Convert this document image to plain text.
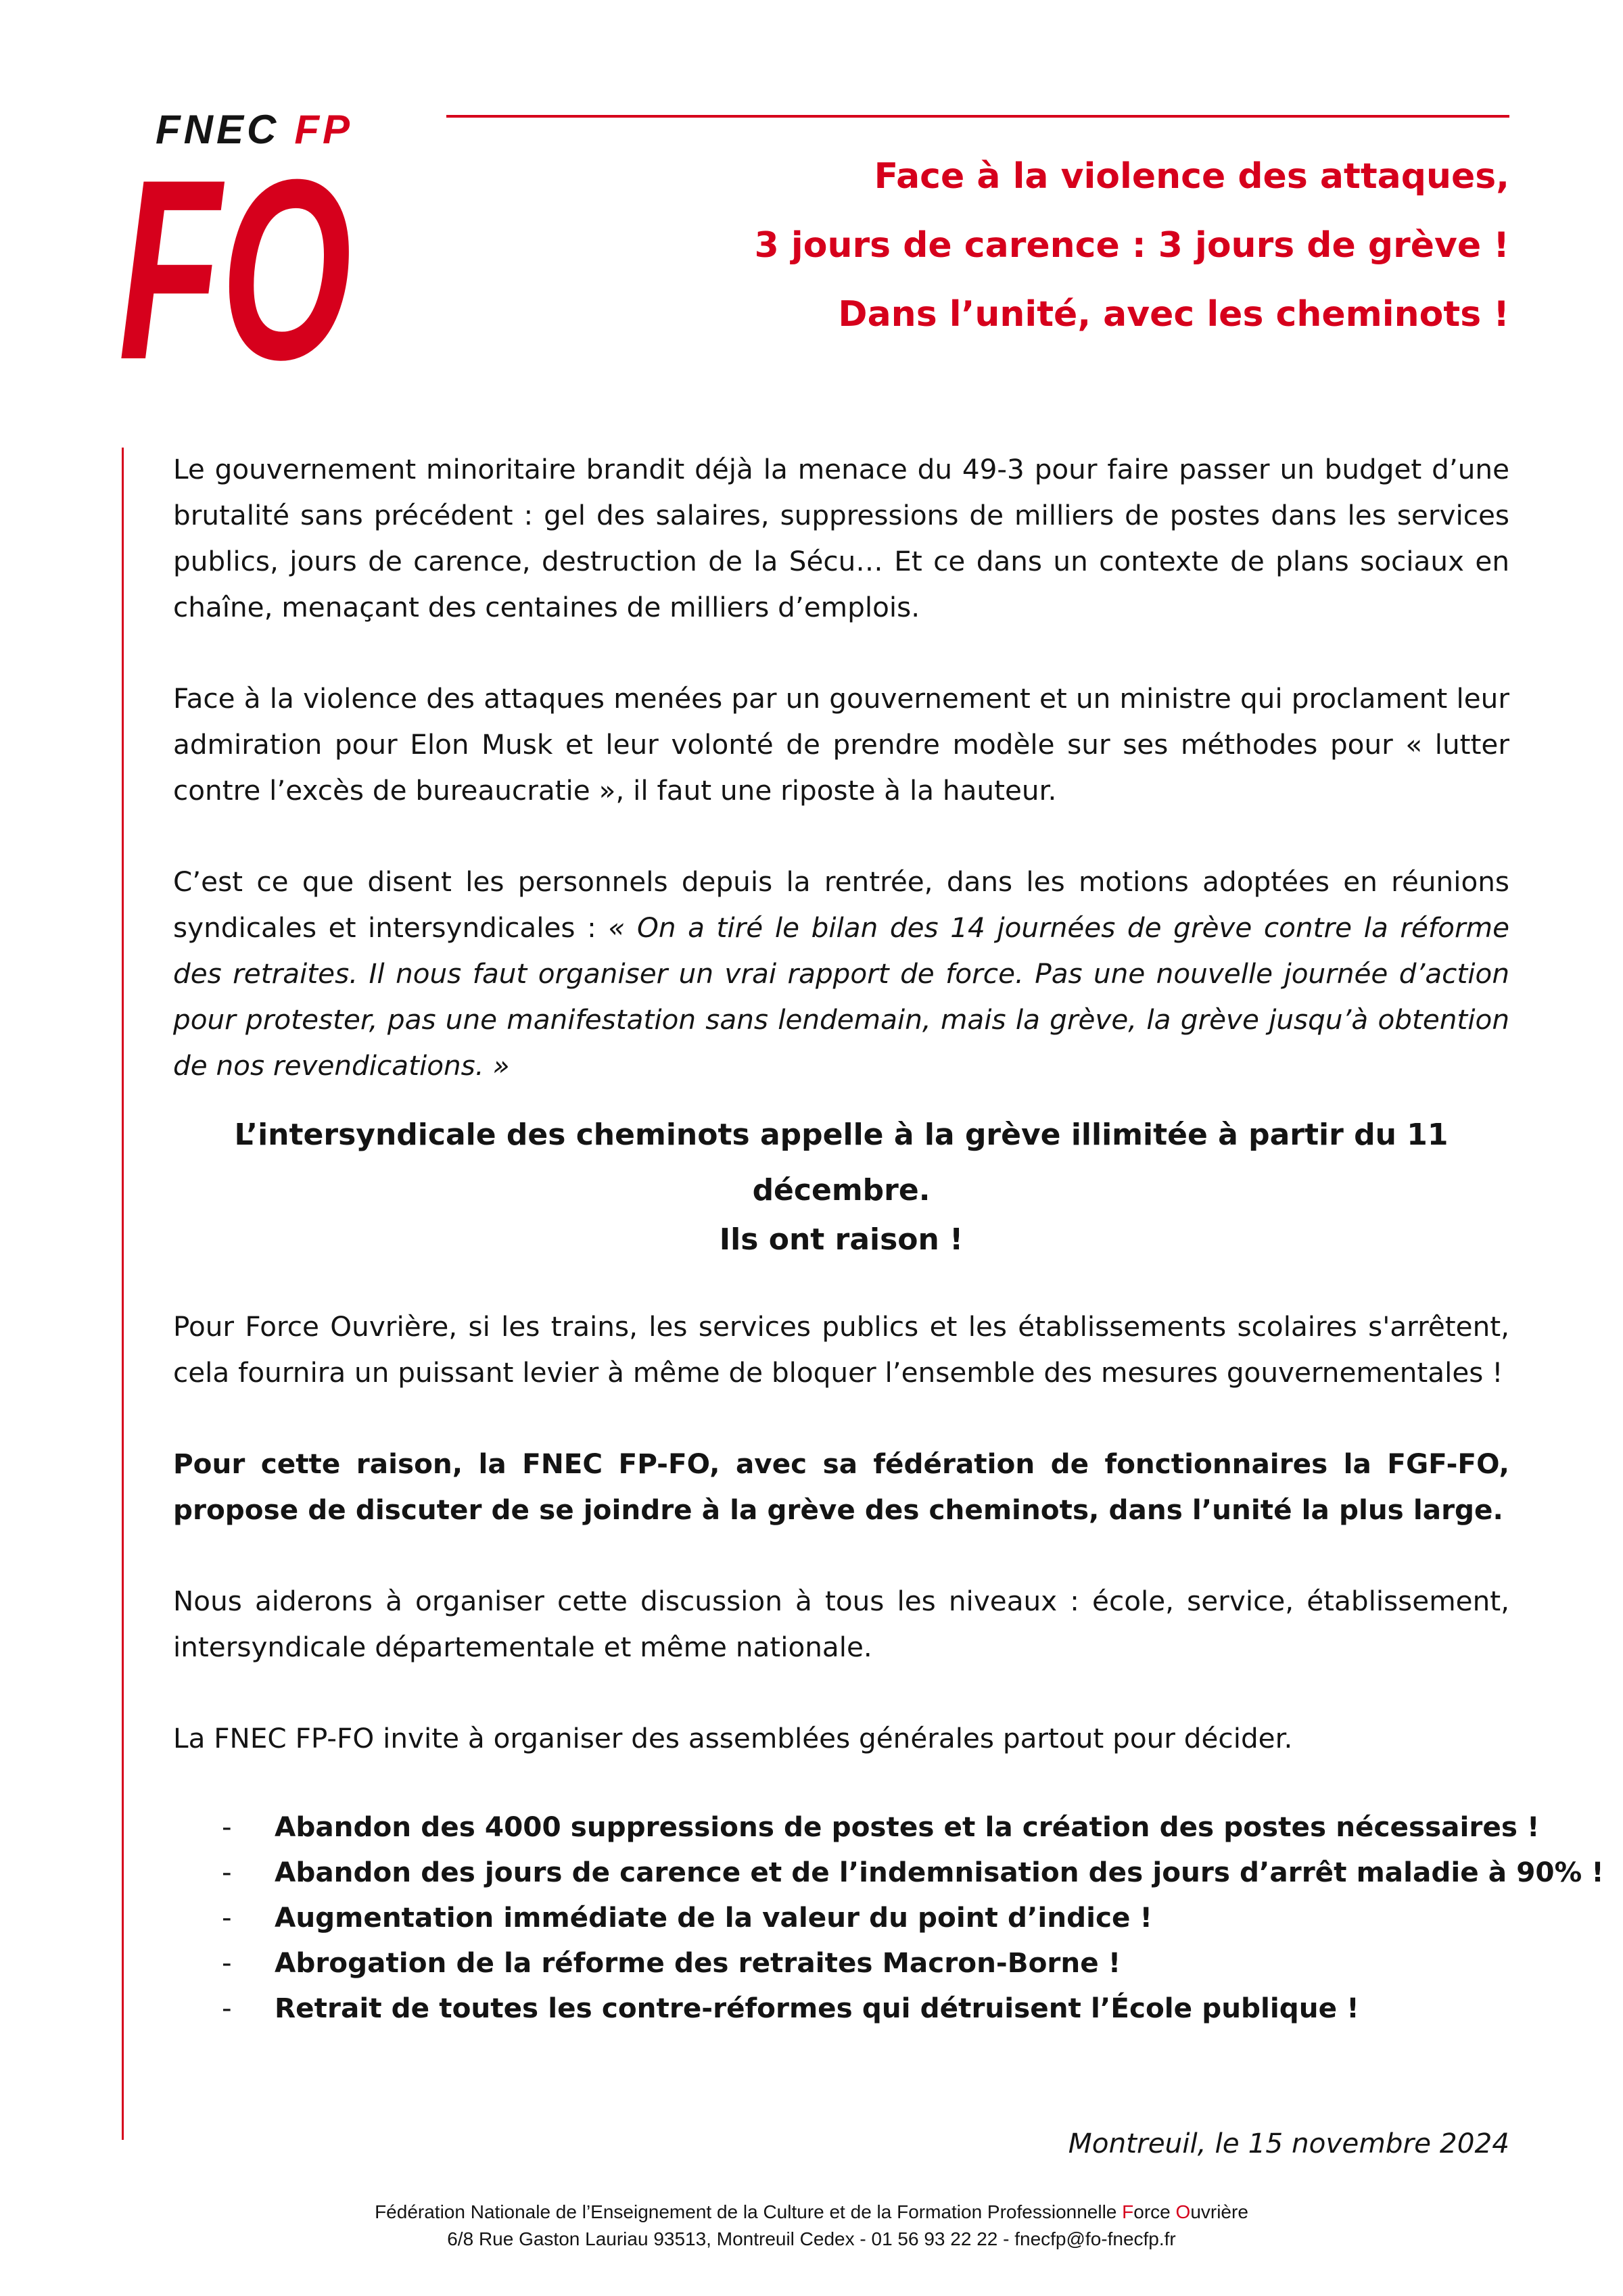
FNEC FP

FO	Face à la violence des attaques,
3 jours de carence : 3 jours de grève !
Dans l’unité, avec les cheminots !

Le gouvernement minoritaire brandit déjà la menace du 49-3 pour faire passer un budget d’une brutalité sans précédent : gel des salaires, suppressions de milliers de postes dans les services publics, jours de carence, destruction de la Sécu… Et ce dans un contexte de plans sociaux en chaîne, menaçant des centaines de milliers d’emplois.

Face à la violence des attaques menées par un gouvernement et un ministre qui proclament leur admiration pour Elon Musk et leur volonté de prendre modèle sur ses méthodes pour « lutter contre l’excès de bureaucratie », il faut une riposte à la hauteur.

C’est ce que disent les personnels depuis la rentrée, dans les motions adoptées en réunions syndicales et intersyndicales : « On a tiré le bilan des 14 journées de grève contre la réforme des retraites. Il nous faut organiser un vrai rapport de force. Pas une nouvelle journée d’action pour protester, pas une manifestation sans lendemain, mais la grève, la grève jusqu’à obtention de nos revendications. »

L’intersyndicale des cheminots appelle à la grève illimitée à partir du 11 décembre.
Ils ont raison !

Pour Force Ouvrière, si les trains, les services publics et les établissements scolaires s'arrêtent, cela fournira un puissant levier à même de bloquer l’ensemble des mesures gouvernementales !

Pour cette raison, la FNEC FP-FO, avec sa fédération de fonctionnaires la FGF-FO, propose de discuter de se joindre à la grève des cheminots, dans l’unité la plus large.

Nous aiderons à organiser cette discussion à tous les niveaux : école, service, établissement, intersyndicale départementale et même nationale.

La FNEC FP-FO invite à organiser des assemblées générales partout pour décider.

- Abandon des 4000 suppressions de postes et la création des postes nécessaires !
- Abandon des jours de carence et de l’indemnisation des jours d’arrêt maladie à 90% !
- Augmentation immédiate de la valeur du point d’indice !
- Abrogation de la réforme des retraites Macron-Borne !
- Retrait de toutes les contre-réformes qui détruisent l’École publique !

Montreuil, le 15 novembre 2024

Fédération Nationale de l’Enseignement de la Culture et de la Formation Professionnelle Force Ouvrière
6/8 Rue Gaston Lauriau 93513, Montreuil Cedex - 01 56 93 22 22 - fnecfp@fo-fnecfp.fr
